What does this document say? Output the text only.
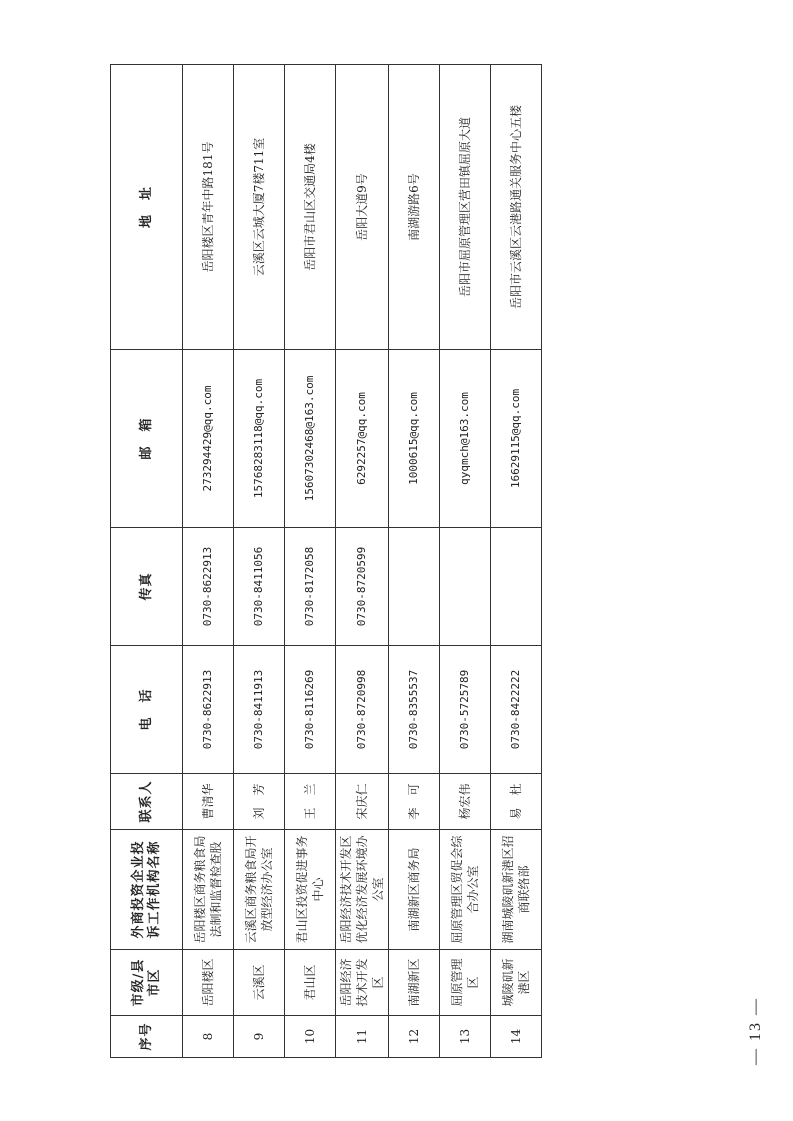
序号	市级/县市区	外商投资企业投诉工作机构名称	联系人	电　话	传真	邮　箱	地　址
8	岳阳楼区	岳阳楼区商务粮食局法制和监督检查股	曹清华	0730-8622913	0730-8622913	273294429@qq.com	岳阳楼区青年中路181号
9	云溪区	云溪区商务粮食局开放型经济办公室	刘　芳	0730-8411913	0730-8411056	15768283118@qq.com	云溪区云城大厦7楼711室
10	君山区	君山区投资促进事务中心	王　兰	0730-8116269	0730-8172058	15607302468@163.com	岳阳市君山区交通局4楼
11	岳阳经济技术开发区	岳阳经济技术开发区优化经济发展环境办公室	宋庆仁	0730-8720998	0730-8720599	6292257@qq.com	岳阳大道9号
12	南湖新区	南湖新区商务局	李　可	0730-8355537		1000615@qq.com	南湖游路6号
13	屈原管理区	屈原管理区贸促会综合办公室	杨宏伟	0730-5725789		qyqmch@163.com	岳阳市屈原管理区营田镇屈原大道
14	城陵矶新港区	湖南城陵矶新港区招商联络部	易　杜	0730-8422222		16629115@qq.com	岳阳市云溪区云港路通关服务中心五楼
— 13 —
